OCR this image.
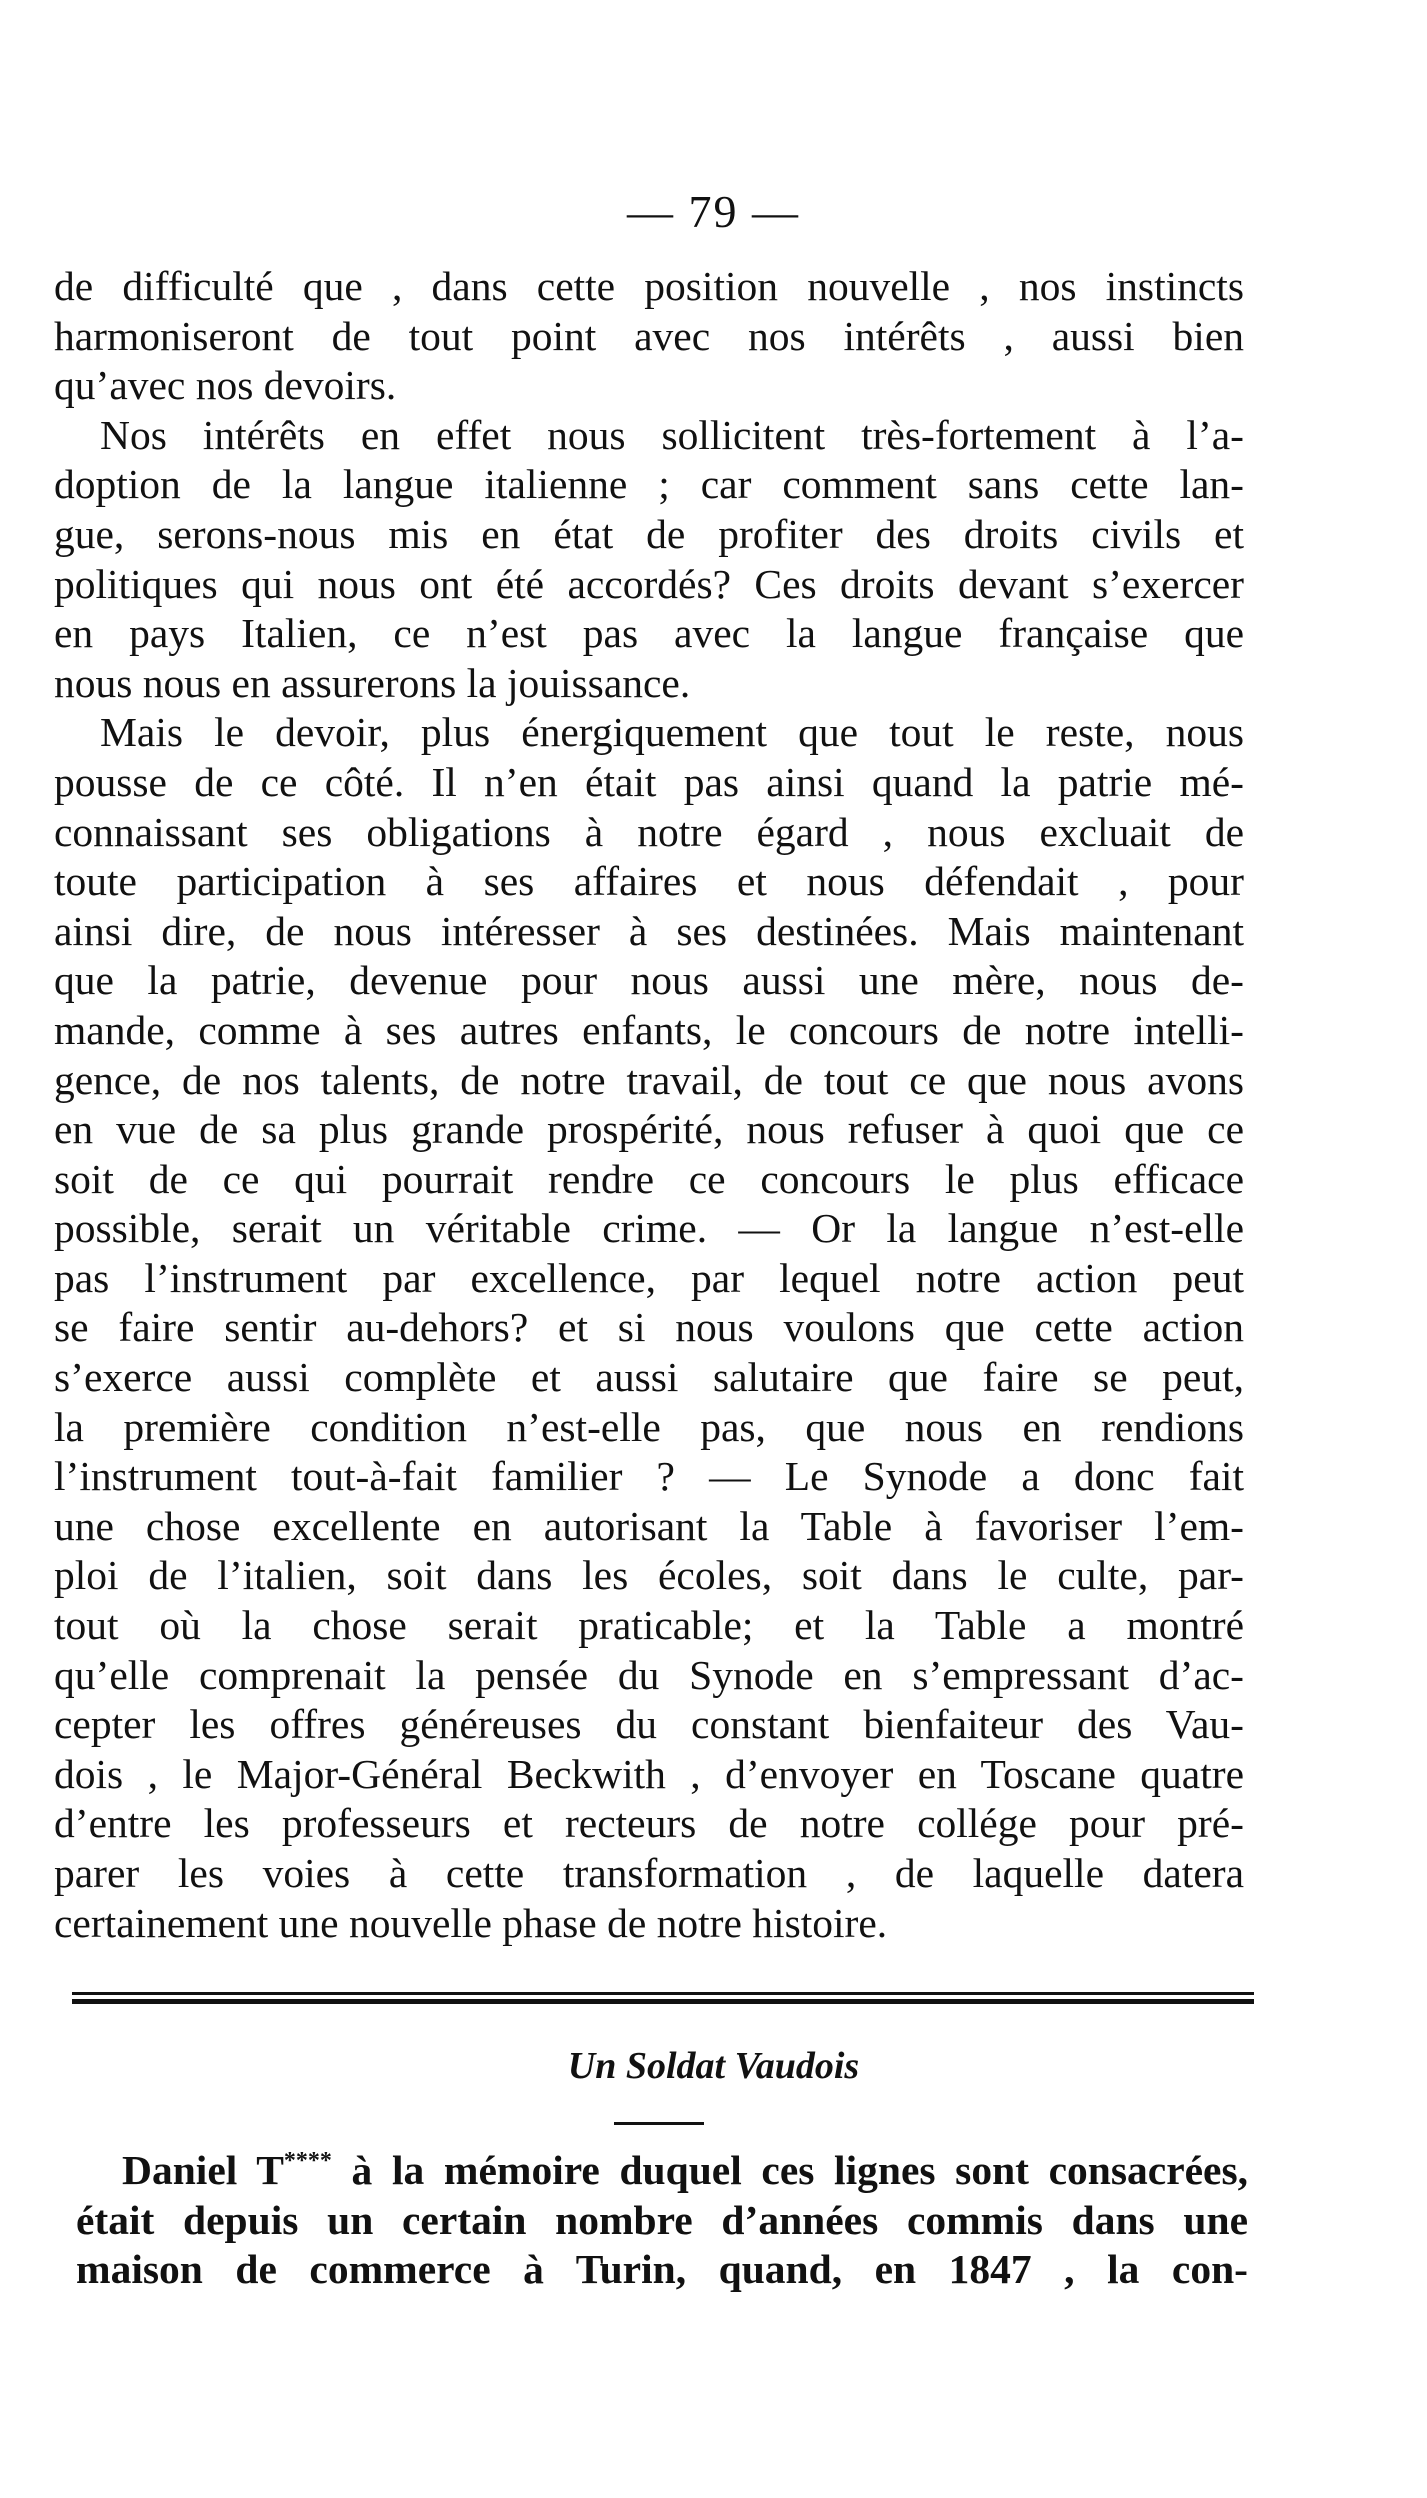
— 79 —
de difficulté que , dans cette position nouvelle , nos instincts
harmoniseront de tout point avec nos intérêts , aussi bien
qu’avec nos devoirs.
Nos intérêts en effet nous sollicitent très-fortement à l’a-
doption de la langue italienne ; car comment sans cette lan-
gue, serons-nous mis en état de profiter des droits civils et
politiques qui nous ont été accordés? Ces droits devant s’exercer
en pays Italien, ce n’est pas avec la langue française que
nous nous en assurerons la jouissance.
Mais le devoir, plus énergiquement que tout le reste, nous
pousse de ce côté. Il n’en était pas ainsi quand la patrie mé-
connaissant ses obligations à notre égard , nous excluait de
toute participation à ses affaires et nous défendait , pour
ainsi dire, de nous intéresser à ses destinées. Mais maintenant
que la patrie, devenue pour nous aussi une mère, nous de-
mande, comme à ses autres enfants, le concours de notre intelli-
gence, de nos talents, de notre travail, de tout ce que nous avons
en vue de sa plus grande prospérité, nous refuser à quoi que ce
soit de ce qui pourrait rendre ce concours le plus efficace
possible, serait un véritable crime. — Or la langue n’est-elle
pas l’instrument par excellence, par lequel notre action peut
se faire sentir au-dehors? et si nous voulons que cette action
s’exerce aussi complète et aussi salutaire que faire se peut,
la première condition n’est-elle pas, que nous en rendions
l’instrument tout-à-fait familier ? — Le Synode a donc fait
une chose excellente en autorisant la Table à favoriser l’em-
ploi de l’italien, soit dans les écoles, soit dans le culte, par-
tout où la chose serait praticable; et la Table a montré
qu’elle comprenait la pensée du Synode en s’empressant d’ac-
cepter les offres généreuses du constant bienfaiteur des Vau-
dois , le Major-Général Beckwith , d’envoyer en Toscane quatre
d’entre les professeurs et recteurs de notre collége pour pré-
parer les voies à cette transformation , de laquelle datera
certainement une nouvelle phase de notre histoire.
Un Soldat Vaudois
Daniel T**** à la mémoire duquel ces lignes sont consacrées,
était depuis un certain nombre d’années commis dans une
maison de commerce à Turin, quand, en 1847 , la con-
